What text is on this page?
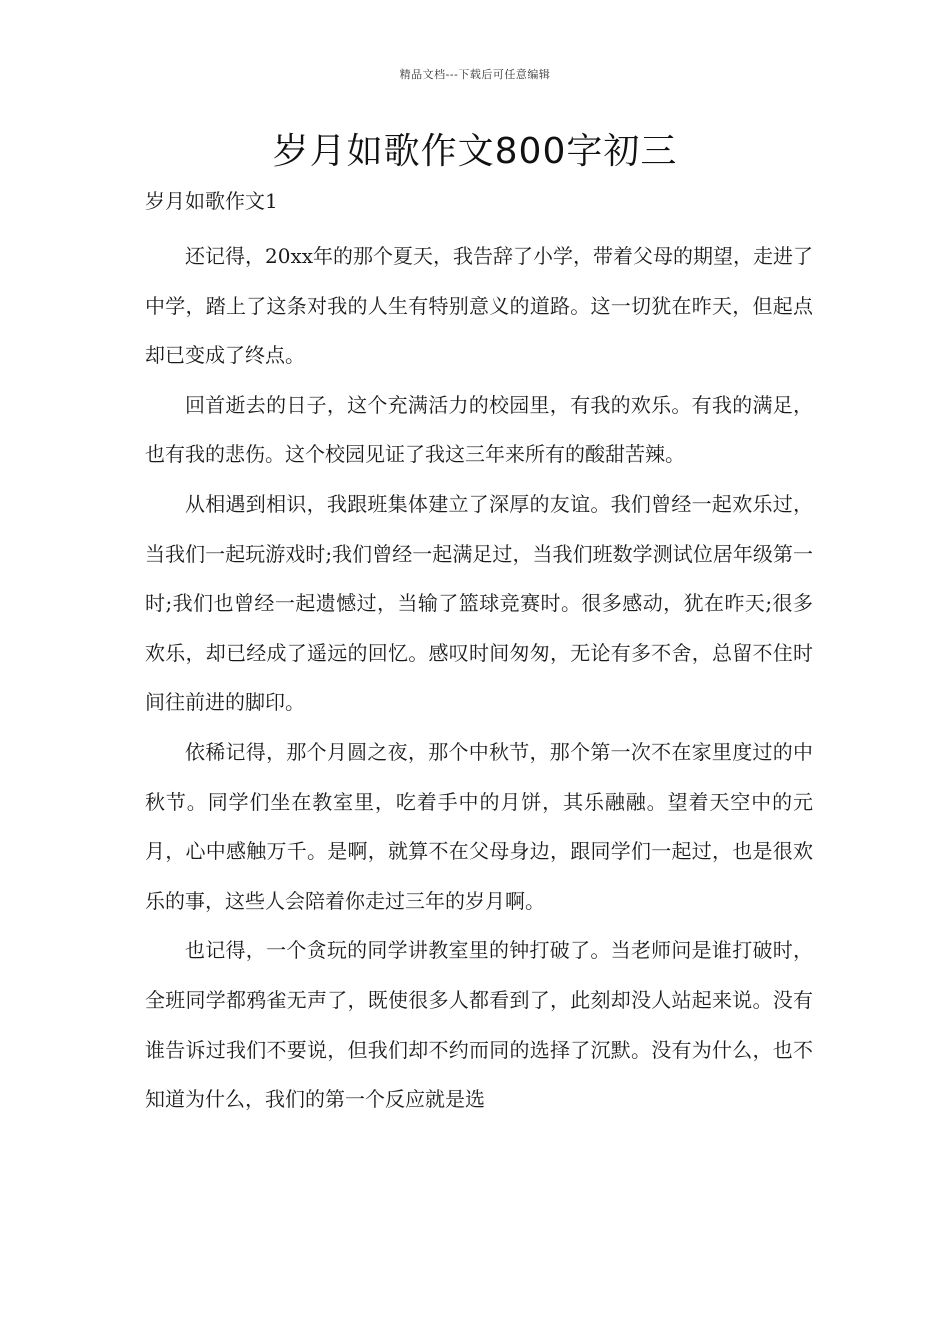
精品文档---下载后可任意编辑
岁月如歌作文800字初三
岁月如歌作文1

还记得，20xx年的那个夏天，我告辞了小学，带着父母的期望，走进了中学，踏上了这条对我的人生有特别意义的道路。这一切犹在昨天，但起点却已变成了终点。

回首逝去的日子，这个充满活力的校园里，有我的欢乐。有我的满足，也有我的悲伤。这个校园见证了我这三年来所有的酸甜苦辣。

从相遇到相识，我跟班集体建立了深厚的友谊。我们曾经一起欢乐过，当我们一起玩游戏时;我们曾经一起满足过，当我们班数学测试位居年级第一时;我们也曾经一起遗憾过，当输了篮球竞赛时。很多感动，犹在昨天;很多欢乐，却已经成了遥远的回忆。感叹时间匆匆，无论有多不舍，总留不住时间往前进的脚印。

依稀记得，那个月圆之夜，那个中秋节，那个第一次不在家里度过的中秋节。同学们坐在教室里，吃着手中的月饼，其乐融融。望着天空中的元月，心中感触万千。是啊，就算不在父母身边，跟同学们一起过，也是很欢乐的事，这些人会陪着你走过三年的岁月啊。

也记得，一个贪玩的同学讲教室里的钟打破了。当老师问是谁打破时，全班同学都鸦雀无声了，既使很多人都看到了，此刻却没人站起来说。没有谁告诉过我们不要说，但我们却不约而同的选择了沉默。没有为什么，也不知道为什么，我们的第一个反应就是选
